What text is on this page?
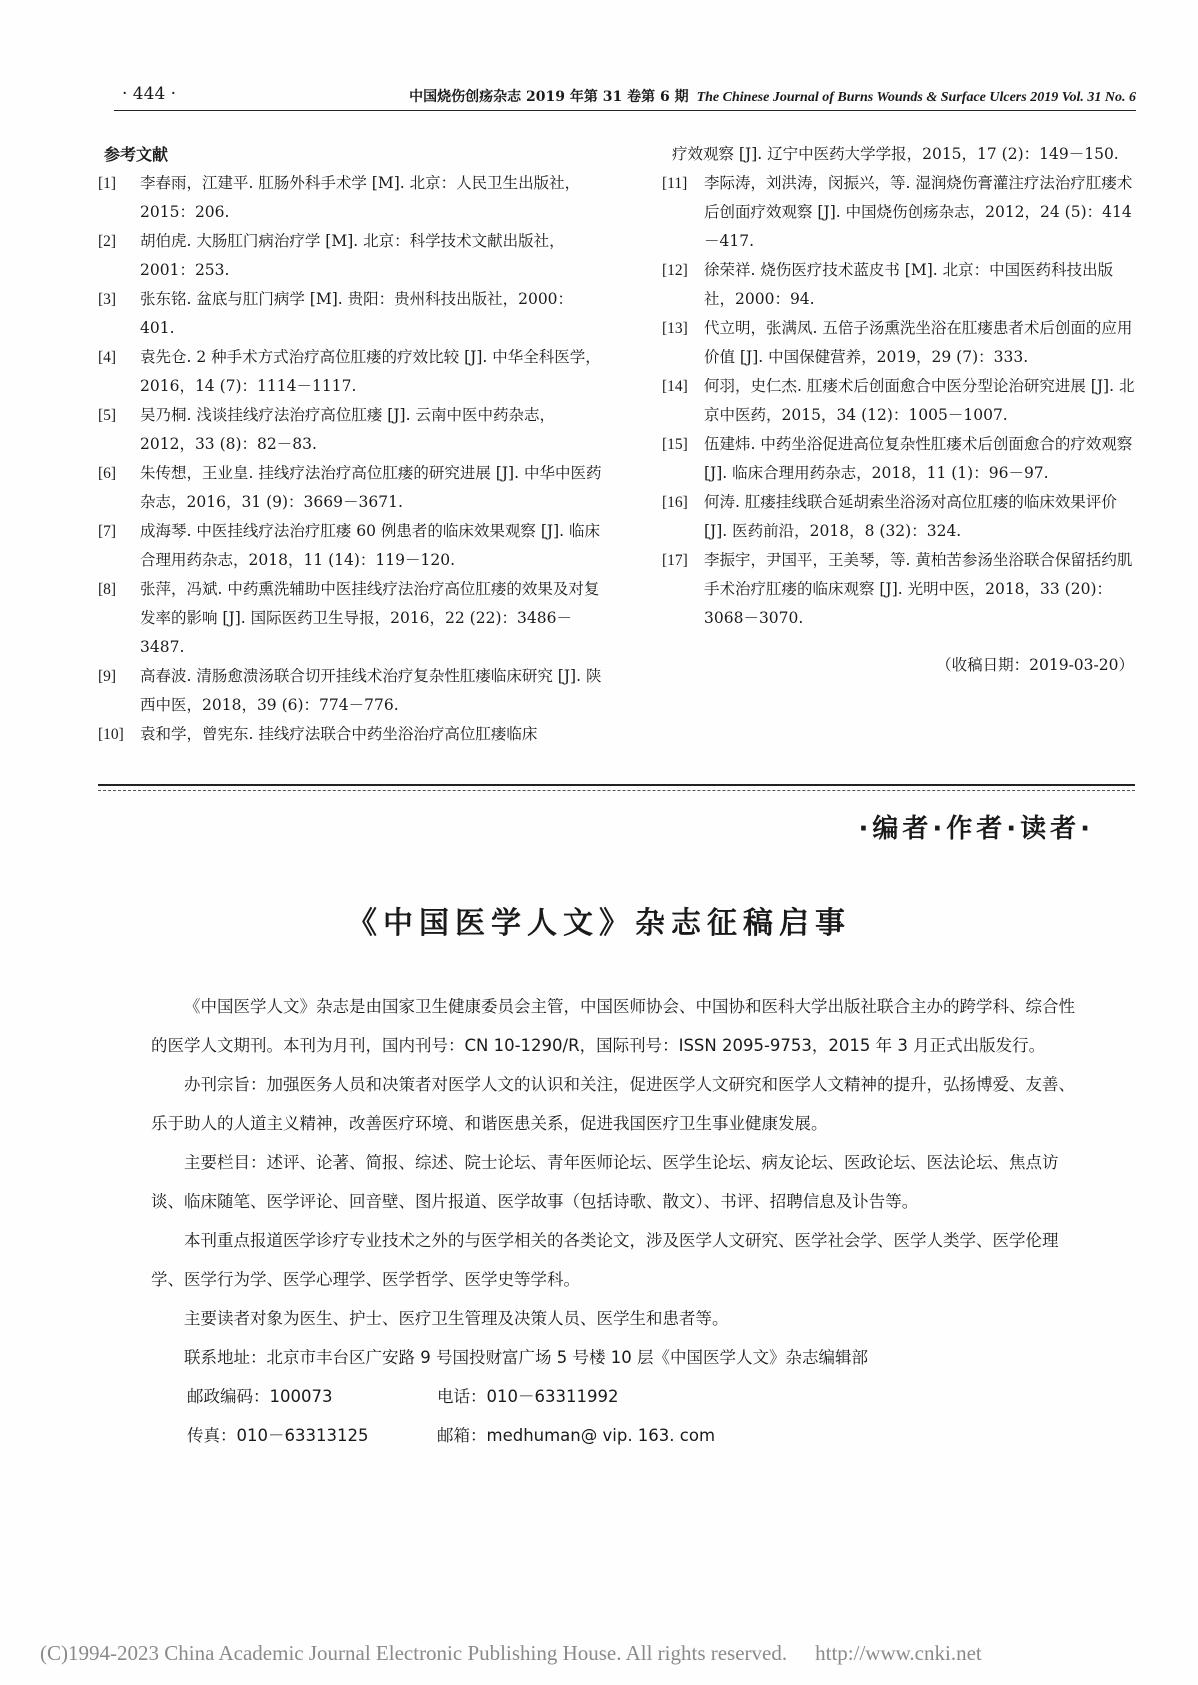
· 444 ·	中国烧伤创疡杂志 2019 年第 31 卷第 6 期 The Chinese Journal of Burns Wounds & Surface Ulcers 2019 Vol. 31 No. 6
参考文献
[1] 李春雨，江建平. 肛肠外科手术学 [M]. 北京：人民卫生出版社，2015：206.
[2] 胡伯虎. 大肠肛门病治疗学 [M]. 北京：科学技术文献出版社，2001：253.
[3] 张东铭. 盆底与肛门病学 [M]. 贵阳：贵州科技出版社，2000：401.
[4] 袁先仓. 2 种手术方式治疗高位肛瘘的疗效比较 [J]. 中华全科医学，2016，14 (7)：1114－1117.
[5] 吴乃桐. 浅谈挂线疗法治疗高位肛瘘 [J]. 云南中医中药杂志，2012，33 (8)：82－83.
[6] 朱传想，王业皇. 挂线疗法治疗高位肛瘘的研究进展 [J]. 中华中医药杂志，2016，31 (9)：3669－3671.
[7] 成海琴. 中医挂线疗法治疗肛瘘 60 例患者的临床效果观察 [J]. 临床合理用药杂志，2018，11 (14)：119－120.
[8] 张萍，冯斌. 中药熏洗辅助中医挂线疗法治疗高位肛瘘的效果及对复发率的影响 [J]. 国际医药卫生导报，2016，22 (22)：3486－3487.
[9] 高春波. 清肠愈溃汤联合切开挂线术治疗复杂性肛瘘临床研究 [J]. 陕西中医，2018，39 (6)：774－776.
[10] 袁和学，曾宪东. 挂线疗法联合中药坐浴治疗高位肛瘘临床
疗效观察 [J]. 辽宁中医药大学学报，2015，17 (2)：149－150.
[11] 李际涛，刘洪涛，闵振兴，等. 湿润烧伤膏灌注疗法治疗肛瘘术后创面疗效观察 [J]. 中国烧伤创疡杂志，2012，24 (5)：414－417.
[12] 徐荣祥. 烧伤医疗技术蓝皮书 [M]. 北京：中国医药科技出版社，2000：94.
[13] 代立明，张满凤. 五倍子汤熏洗坐浴在肛瘘患者术后创面的应用价值 [J]. 中国保健营养，2019，29 (7)：333.
[14] 何羽，史仁杰. 肛瘘术后创面愈合中医分型论治研究进展 [J]. 北京中医药，2015，34 (12)：1005－1007.
[15] 伍建炜. 中药坐浴促进高位复杂性肛瘘术后创面愈合的疗效观察 [J]. 临床合理用药杂志，2018，11 (1)：96－97.
[16] 何涛. 肛瘘挂线联合延胡索坐浴汤对高位肛瘘的临床效果评价 [J]. 医药前沿，2018，8 (32)：324.
[17] 李振宇，尹国平，王美琴，等. 黄柏苦参汤坐浴联合保留括约肌手术治疗肛瘘的临床观察 [J]. 光明中医，2018，33 (20)：3068－3070.
（收稿日期：2019-03-20）
·编者·作者·读者·
《中国医学人文》杂志征稿启事

《中国医学人文》杂志是由国家卫生健康委员会主管，中国医师协会、中国协和医科大学出版社联合主办的跨学科、综合性的医学人文期刊。本刊为月刊，国内刊号：CN 10-1290/R，国际刊号：ISSN 2095-9753，2015 年 3 月正式出版发行。

办刊宗旨：加强医务人员和决策者对医学人文的认识和关注，促进医学人文研究和医学人文精神的提升，弘扬博爱、友善、乐于助人的人道主义精神，改善医疗环境、和谐医患关系，促进我国医疗卫生事业健康发展。

主要栏目：述评、论著、简报、综述、院士论坛、青年医师论坛、医学生论坛、病友论坛、医政论坛、医法论坛、焦点访谈、临床随笔、医学评论、回音壁、图片报道、医学故事（包括诗歌、散文）、书评、招聘信息及讣告等。

本刊重点报道医学诊疗专业技术之外的与医学相关的各类论文，涉及医学人文研究、医学社会学、医学人类学、医学伦理学、医学行为学、医学心理学、医学哲学、医学史等学科。

主要读者对象为医生、护士、医疗卫生管理及决策人员、医学生和患者等。

联系地址：北京市丰台区广安路 9 号国投财富广场 5 号楼 10 层《中国医学人文》杂志编辑部

邮政编码：100073	电话：010－63311992
传真：010－63313125	邮箱：medhuman@ vip. 163. com
(C)1994-2023 China Academic Journal Electronic Publishing House. All rights reserved. http://www.cnki.net
